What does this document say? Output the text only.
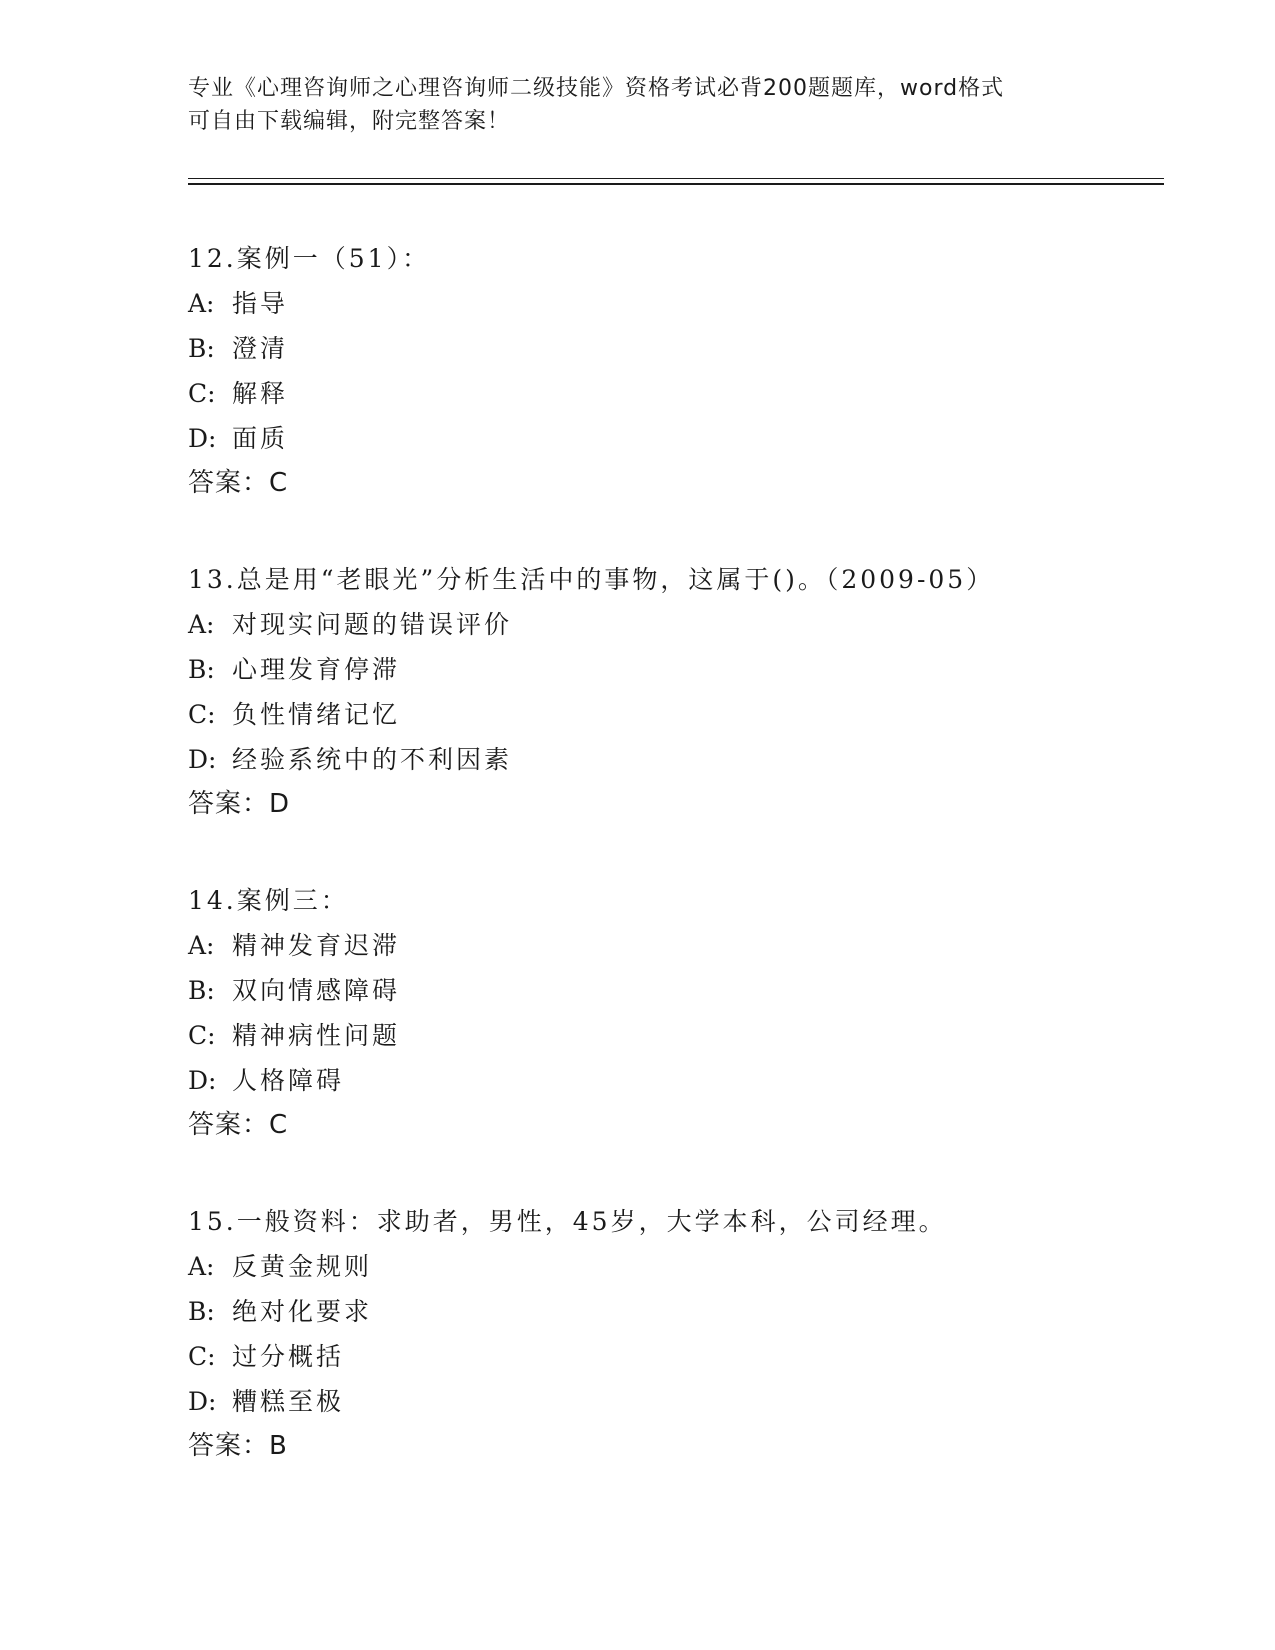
专业《心理咨询师之心理咨询师二级技能》资格考试必背200题题库，word格式
可自由下载编辑，附完整答案！
12.案例一（51）：
A: 指导
B: 澄清
C: 解释
D: 面质
答案：C
13.总是用“老眼光”分析生活中的事物，这属于()。（2009-05）
A: 对现实问题的错误评价
B: 心理发育停滞
C: 负性情绪记忆
D: 经验系统中的不利因素
答案：D
14.案例三：
A: 精神发育迟滞
B: 双向情感障碍
C: 精神病性问题
D: 人格障碍
答案：C
15.一般资料：求助者，男性，45岁，大学本科，公司经理。
A: 反黄金规则
B: 绝对化要求
C: 过分概括
D: 糟糕至极
答案：B
